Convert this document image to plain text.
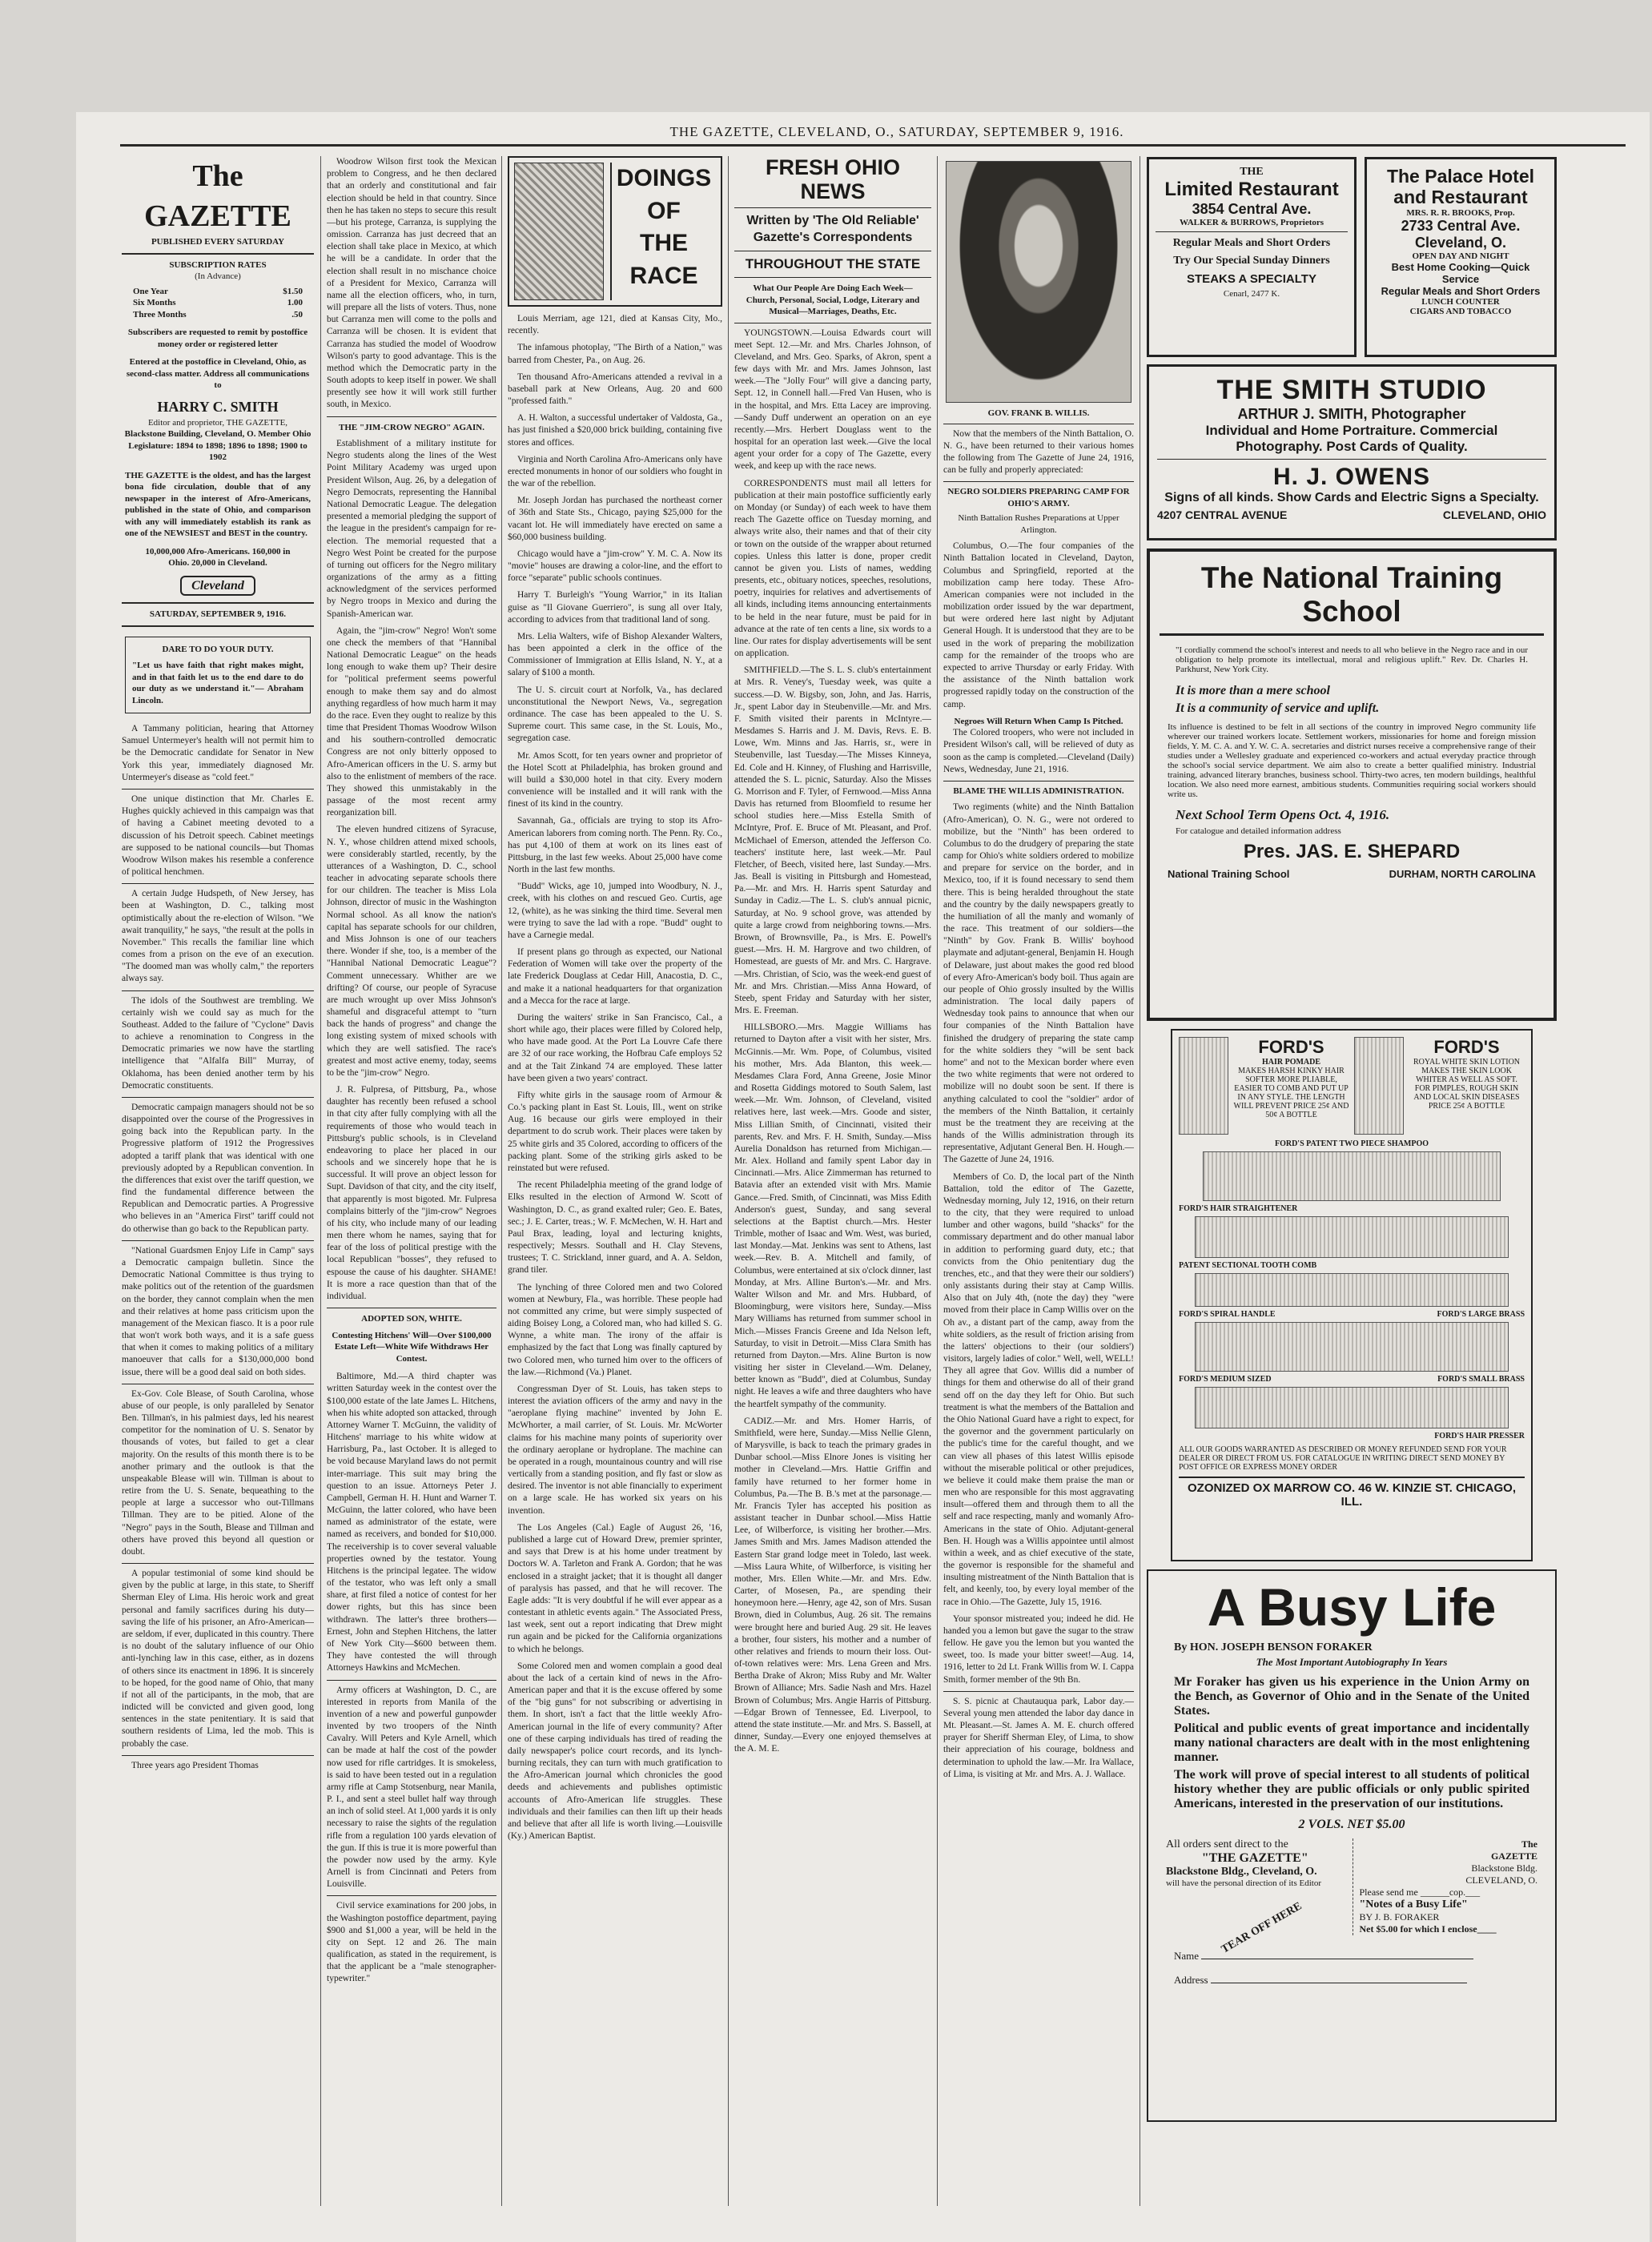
THE GAZETTE, CLEVELAND, O., SATURDAY, SEPTEMBER 9, 1916.
The GAZETTE
PUBLISHED EVERY SATURDAY
SUBSCRIPTION RATES
(In Advance)
One Year	$1.50
Six Months	1.00
Three Months	.50
Subscribers are requested to remit by postoffice money order or registered letter
Entered at the postoffice in Cleveland, Ohio, as second-class matter. Address all communications to
HARRY C. SMITH
Editor and proprietor, THE GAZETTE,
Blackstone Building, Cleveland, O. Member Ohio Legislature: 1894 to 1898; 1896 to 1898; 1900 to 1902
THE GAZETTE is the oldest, and has the largest bona fide circulation, double that of any newspaper in the interest of Afro-Americans, published in the state of Ohio, and comparison with any will immediately establish its rank as one of the NEWSIEST and BEST in the country.
10,000,000 Afro-Americans. 160,000 in Ohio. 20,000 in Cleveland.
Cleveland
SATURDAY, SEPTEMBER 9, 1916.
DARE TO DO YOUR DUTY.
"Let us have faith that right makes might, and in that faith let us to the end dare to do our duty as we understand it."— Abraham Lincoln.

A Tammany politician, hearing that Attorney Samuel Untermeyer's health will not permit him to be the Democratic candidate for Senator in New York this year, immediately diagnosed Mr. Untermeyer's disease as "cold feet."

One unique distinction that Mr. Charles E. Hughes quickly achieved in this campaign was that of having a Cabinet meeting devoted to a discussion of his Detroit speech. Cabinet meetings are supposed to be national councils—but Thomas Woodrow Wilson makes his resemble a conference of political henchmen.

A certain Judge Hudspeth, of New Jersey, has been at Washington, D. C., talking most optimistically about the re-election of Wilson. "We await tranquility," he says, "the result at the polls in November." This recalls the familiar line which comes from a prison on the eve of an execution. "The doomed man was wholly calm," the reporters always say.

The idols of the Southwest are trembling. We certainly wish we could say as much for the Southeast. Added to the failure of "Cyclone" Davis to achieve a renomination to Congress in the Democratic primaries we now have the startling intelligence that "Alfalfa Bill" Murray, of Oklahoma, has been denied another term by his Democratic constituents.

Democratic campaign managers should not be so disappointed over the course of the Progressives in going back into the Republican party. In the Progressive platform of 1912 the Progressives adopted a tariff plank that was identical with one previously adopted by a Republican convention. In the differences that exist over the tariff question, we find the fundamental difference between the Republican and Democratic parties. A Progressive who believes in an "America First" tariff could not do otherwise than go back to the Republican party.

"National Guardsmen Enjoy Life in Camp" says a Democratic campaign bulletin. Since the Democratic National Committee is thus trying to make politics out of the retention of the guardsmen on the border, they cannot complain when the men and their relatives at home pass criticism upon the management of the Mexican fiasco. It is a poor rule that won't work both ways, and it is a safe guess that when it comes to making politics of a military manoeuver that calls for a $130,000,000 bond issue, there will be a good deal said on both sides.

Ex-Gov. Cole Blease, of South Carolina, whose abuse of our people, is only paralleled by Senator Ben. Tillman's, in his palmiest days, led his nearest competitor for the nomination of U. S. Senator by thousands of votes, but failed to get a clear majority. On the results of this month there is to be another primary and the outlook is that the unspeakable Blease will win. Tillman is about to retire from the U. S. Senate, bequeathing to the people at large a successor who out-Tillmans Tillman. They are to be pitied. Alone of the "Negro" pays in the South, Blease and Tillman and others have proved this beyond all question or doubt.

A popular testimonial of some kind should be given by the public at large, in this state, to Sheriff Sherman Eley of Lima. His heroic work and great personal and family sacrifices during his duty—saving the life of his prisoner, an Afro-American—are seldom, if ever, duplicated in this country. There is no doubt of the salutary influence of our Ohio anti-lynching law in this case, either, as in dozens of others since its enactment in 1896. It is sincerely to be hoped, for the good name of Ohio, that many if not all of the participants, in the mob, that are indicted will be convicted and given good, long sentences in the state penitentiary. It is said that southern residents of Lima, led the mob. This is probably the case.

Three years ago President Thomas

Woodrow Wilson first took the Mexican problem to Congress, and he then declared that an orderly and constitutional and fair election should be held in that country. Since then he has taken no steps to secure this result—but his protege, Carranza, is supplying the omission. Carranza has just decreed that an election shall take place in Mexico, at which he will be a candidate. In order that the election shall result in no mischance choice of a President for Mexico, Carranza will name all the election officers, who, in turn, will prepare all the lists of voters. Thus, none but Carranza men will come to the polls and Carranza will be chosen. It is evident that Carranza has studied the model of Woodrow Wilson's party to good advantage. This is the method which the Democratic party in the South adopts to keep itself in power. We shall presently see how it will work still further south, in Mexico.

THE "JIM-CROW NEGRO" AGAIN.

Establishment of a military institute for Negro students along the lines of the West Point Military Academy was urged upon President Wilson, Aug. 26, by a delegation of Negro Democrats, representing the Hannibal National Democratic League. The delegation presented a memorial pledging the support of the league in the president's campaign for re-election. The memorial requested that a Negro West Point be created for the purpose of turning out officers for the Negro military organizations of the army as a fitting acknowledgment of the services performed by Negro troops in Mexico and during the Spanish-American war.

Again, the "jim-crow" Negro! Won't some one check the members of that "Hannibal National Democratic League" on the heads long enough to wake them up? Their desire for "political preferment seems powerful enough to make them say and do almost anything regardless of how much harm it may do the race. Even they ought to realize by this time that President Thomas Woodrow Wilson and his southern-controlled democratic Congress are not only bitterly opposed to Afro-American officers in the U. S. army but also to the enlistment of members of the race. They showed this unmistakably in the passage of the most recent army reorganization bill.

The eleven hundred citizens of Syracuse, N. Y., whose children attend mixed schools, were considerably startled, recently, by the utterances of a Washington, D. C., school teacher in advocating separate schools there for our children. The teacher is Miss Lola Johnson, director of music in the Washington Normal school. As all know the nation's capital has separate schools for our children, and Miss Johnson is one of our teachers there. Wonder if she, too, is a member of the "Hannibal National Democratic League"? Comment unnecessary. Whither are we drifting? Of course, our people of Syracuse are much wrought up over Miss Johnson's shameful and disgraceful attempt to "turn back the hands of progress" and change the long existing system of mixed schools with which they are well satisfied. The race's greatest and most active enemy, today, seems to be the "jim-crow" Negro.

J. R. Fulpresa, of Pittsburg, Pa., whose daughter has recently been refused a school in that city after fully complying with all the requirements of those who would teach in Pittsburg's public schools, is in Cleveland endeavoring to place her placed in our schools and we sincerely hope that he is successful. It will prove an object lesson for Supt. Davidson of that city, and the city itself, that apparently is most bigoted. Mr. Fulpresa complains bitterly of the "jim-crow" Negroes of his city, who include many of our leading men there whom he names, saying that for fear of the loss of political prestige with the local Republican "bosses", they refused to espouse the cause of his daughter. SHAME! It is more a race question than that of the individual.

ADOPTED SON, WHITE.
Contesting Hitchens' Will—Over $100,000 Estate Left—White Wife Withdraws Her Contest.

Baltimore, Md.—A third chapter was written Saturday week in the contest over the $100,000 estate of the late James L. Hitchens, when his white adopted son attacked, through Attorney Warner T. McGuinn, the validity of Hitchens' marriage to his white widow at Harrisburg, Pa., last October. It is alleged to be void because Maryland laws do not permit inter-marriage. This suit may bring the question to an issue. Attorneys Peter J. Campbell, German H. H. Hunt and Warner T. McGuinn, the latter colored, who have been named as administrator of the estate, were named as receivers, and bonded for $10,000. The receivership is to cover several valuable properties owned by the testator. Young Hitchens is the principal legatee. The widow of the testator, who was left only a small share, at first filed a notice of contest for her dower rights, but this has since been withdrawn. The latter's three brothers—Ernest, John and Stephen Hitchens, the latter of New York City—$600 between them. They have contested the will through Attorneys Hawkins and McMechen.

Army officers at Washington, D. C., are interested in reports from Manila of the invention of a new and powerful gunpowder invented by two troopers of the Ninth Cavalry. Will Peters and Kyle Arnell, which can be made at half the cost of the powder now used for rifle cartridges. It is smokeless, is said to have been tested out in a regulation army rifle at Camp Stotsenburg, near Manila, P. I., and sent a steel bullet half way through an inch of solid steel. At 1,000 yards it is only necessary to raise the sights of the regulation rifle from a regulation 100 yards elevation of the gun. If this is true it is more powerful than the powder now used by the army. Kyle Arnell is from Cincinnati and Peters from Louisville.

Civil service examinations for 200 jobs, in the Washington postoffice department, paying $900 and $1,000 a year, will be held in the city on Sept. 12 and 26. The main qualification, as stated in the requirement, is that the applicant be a "male stenographer-typewriter."

DOINGS
OF
THE
RACE

Louis Merriam, age 121, died at Kansas City, Mo., recently.

The infamous photoplay, "The Birth of a Nation," was barred from Chester, Pa., on Aug. 26.

Ten thousand Afro-Americans attended a revival in a baseball park at New Orleans, Aug. 20 and 600 "professed faith."

A. H. Walton, a successful undertaker of Valdosta, Ga., has just finished a $20,000 brick building, containing five stores and offices.

Virginia and North Carolina Afro-Americans only have erected monuments in honor of our soldiers who fought in the war of the rebellion.

Mr. Joseph Jordan has purchased the northeast corner of 36th and State Sts., Chicago, paying $25,000 for the vacant lot. He will immediately have erected on same a $60,000 business building.

Chicago would have a "jim-crow" Y. M. C. A. Now its "movie" houses are drawing a color-line, and the effort to force "separate" public schools continues.

Harry T. Burleigh's "Young Warrior," in its Italian guise as "Il Giovane Guerriero", is sung all over Italy, according to advices from that traditional land of song.

Mrs. Lelia Walters, wife of Bishop Alexander Walters, has been appointed a clerk in the office of the Commissioner of Immigration at Ellis Island, N. Y., at a salary of $100 a month.

The U. S. circuit court at Norfolk, Va., has declared unconstitutional the Newport News, Va., segregation ordinance. The case has been appealed to the U. S. Supreme court. This same case, in the St. Louis, Mo., segregation case.

Mr. Amos Scott, for ten years owner and proprietor of the Hotel Scott at Philadelphia, has broken ground and will build a $30,000 hotel in that city. Every modern convenience will be installed and it will rank with the finest of its kind in the country.

Savannah, Ga., officials are trying to stop its Afro-American laborers from coming north. The Penn. Ry. Co., has put 4,100 of them at work on its lines east of Pittsburg, in the last few weeks. About 25,000 have come North in the last few months.

"Budd" Wicks, age 10, jumped into Woodbury, N. J., creek, with his clothes on and rescued Geo. Curtis, age 12, (white), as he was sinking the third time. Several men were trying to save the lad with a rope. "Budd" ought to have a Carnegie medal.

If present plans go through as expected, our National Federation of Women will take over the property of the late Frederick Douglass at Cedar Hill, Anacostia, D. C., and make it a national headquarters for that organization and a Mecca for the race at large.

During the waiters' strike in San Francisco, Cal., a short while ago, their places were filled by Colored help, who have made good. At the Port La Louvre Cafe there are 32 of our race working, the Hofbrau Cafe employs 52 and at the Tait Zinkand 74 are employed. These latter have been given a two years' contract.

Fifty white girls in the sausage room of Armour & Co.'s packing plant in East St. Louis, Ill., went on strike Aug. 16 because our girls were employed in their department to do scrub work. Their places were taken by 25 white girls and 35 Colored, according to officers of the packing plant. Some of the striking girls asked to be reinstated but were refused.

The recent Philadelphia meeting of the grand lodge of Elks resulted in the election of Armond W. Scott of Washington, D. C., as grand exalted ruler; Geo. E. Bates, sec.; J. E. Carter, treas.; W. F. McMechen, W. H. Hart and Paul Brax, leading, loyal and lecturing knights, respectively; Messrs. Southall and H. Clay Stevens, trustees; T. C. Strickland, inner guard, and A. A. Seldon, grand tiler.

The lynching of three Colored men and two Colored women at Newbury, Fla., was horrible. These people had not committed any crime, but were simply suspected of aiding Boisey Long, a Colored man, who had killed S. G. Wynne, a white man. The irony of the affair is emphasized by the fact that Long was finally captured by two Colored men, who turned him over to the officers of the law.—Richmond (Va.) Planet.

Congressman Dyer of St. Louis, has taken steps to interest the aviation officers of the army and navy in the "aeroplane flying machine" invented by John E. McWhorter, a mail carrier, of St. Louis. Mr. McWorter claims for his machine many points of superiority over the ordinary aeroplane or hydroplane. The machine can be operated in a rough, mountainous country and will rise vertically from a standing position, and fly fast or slow as desired. The inventor is not able financially to experiment on a large scale. He has worked six years on his invention.

The Los Angeles (Cal.) Eagle of August 26, '16, published a large cut of Howard Drew, premier sprinter, and says that Drew is at his home under treatment by Doctors W. A. Tarleton and Frank A. Gordon; that he was enclosed in a straight jacket; that it is thought all danger of paralysis has passed, and that he will recover. The Eagle adds: "It is very doubtful if he will ever appear as a contestant in athletic events again." The Associated Press, last week, sent out a report indicating that Drew might run again and be picked for the California organizations to which he belongs.

Some Colored men and women complain a good deal about the lack of a certain kind of news in the Afro-American paper and that it is the excuse offered by some of the "big guns" for not subscribing or advertising in them. In short, isn't a fact that the little weekly Afro-American journal in the life of every community? After one of these carping individuals has tired of reading the daily newspaper's police court records, and its lynch-burning recitals, they can turn with much gratification to the Afro-American journal which chronicles the good deeds and achievements and publishes optimistic accounts of Afro-American life struggles. These individuals and their families can then lift up their heads and believe that after all life is worth living.—Louisville (Ky.) American Baptist.

FRESH OHIO NEWS
Written by 'The Old Reliable' Gazette's Correspondents
THROUGHOUT THE STATE
What Our People Are Doing Each Week—Church, Personal, Social, Lodge, Literary and Musical—Marriages, Deaths, Etc.

YOUNGSTOWN.—Louisa Edwards court will meet Sept. 12.—Mr. and Mrs. Charles Johnson, of Cleveland, and Mrs. Geo. Sparks, of Akron, spent a few days with Mr. and Mrs. James Johnson, last week.—The "Jolly Four" will give a dancing party, Sept. 12, in Connell hall.—Fred Van Husen, who is in the hospital, and Mrs. Etta Lacey are improving.—Sandy Duff underwent an operation on an eye recently.—Mrs. Herbert Douglass went to the hospital for an operation last week.—Give the local agent your order for a copy of The Gazette, every week, and keep up with the race news.

CORRESPONDENTS must mail all letters for publication at their main postoffice sufficiently early on Monday (or Sunday) of each week to have them reach The Gazette office on Tuesday morning, and always write also, their names and that of their city or town on the outside of the wrapper about returned copies. Unless this latter is done, proper credit cannot be given you. Lists of names, wedding presents, etc., obituary notices, speeches, resolutions, poetry, inquiries for relatives and advertisements of all kinds, including items announcing entertainments to be held in the near future, must be paid for in advance at the rate of ten cents a line, six words to a line. Our rates for display advertisements will be sent on application.

SMITHFIELD.—The S. L. S. club's entertainment at Mrs. R. Veney's, Tuesday week, was quite a success.—D. W. Bigsby, son, John, and Jas. Harris, Jr., spent Labor day in Steubenville.—Mr. and Mrs. F. Smith visited their parents in McIntyre.—Mesdames S. Harris and J. M. Davis, Revs. E. B. Lowe, Wm. Minns and Jas. Harris, sr., were in Steubenville, last Tuesday.—The Misses Kinneya, Ed. Cole and H. Kinney, of Flushing and Harrisville, attended the S. L. picnic, Saturday. Also the Misses G. Morrison and F. Tyler, of Fernwood.—Miss Anna Davis has returned from Bloomfield to resume her school studies here.—Miss Estella Smith of McIntyre, Prof. E. Bruce of Mt. Pleasant, and Prof. McMichael of Emerson, attended the Jefferson Co. teachers' institute here, last week.—Mr. Paul Fletcher, of Beech, visited here, last Sunday.—Mrs. Jas. Beall is visiting in Pittsburgh and Homestead, Pa.—Mr. and Mrs. H. Harris spent Saturday and Sunday in Cadiz.—The L. S. club's annual picnic, Saturday, at No. 9 school grove, was attended by quite a large crowd from neighboring towns.—Mrs. Brown, of Brownsville, Pa., is Mrs. E. Powell's guest.—Mrs. H. M. Hargrove and two children, of Homestead, are guests of Mr. and Mrs. C. Hargrave.—Mrs. Christian, of Scio, was the week-end guest of Mr. and Mrs. Christian.—Miss Anna Howard, of Steeb, spent Friday and Saturday with her sister, Mrs. E. Freeman.

HILLSBORO.—Mrs. Maggie Williams has returned to Dayton after a visit with her sister, Mrs. McGinnis.—Mr. Wm. Pope, of Columbus, visited his mother, Mrs. Ada Blanton, this week.—Mesdames Clara Ford, Anna Greene, Josie Minor and Rosetta Giddings motored to South Salem, last week.—Mr. Wm. Johnson, of Cleveland, visited relatives here, last week.—Mrs. Goode and sister, Miss Lillian Smith, of Cincinnati, visited their parents, Rev. and Mrs. F. H. Smith, Sunday.—Miss Aurelia Donaldson has returned from Michigan.—Mr. Alex. Holland and family spent Labor day in Cincinnati.—Mrs. Alice Zimmerman has returned to Batavia after an extended visit with Mrs. Mamie Gance.—Fred. Smith, of Cincinnati, was Miss Edith Anderson's guest, Sunday, and sang several selections at the Baptist church.—Mrs. Hester Trimble, mother of Isaac and Wm. West, was buried, last Monday.—Mat. Jenkins was sent to Athens, last week.—Rev. B. A. Mitchell and family, of Columbus, were entertained at six o'clock dinner, last Monday, at Mrs. Alline Burton's.—Mr. and Mrs. Walter Wilson and Mr. and Mrs. Hubbard, of Bloomingburg, were visitors here, Sunday.—Miss Mary Williams has returned from summer school in Mich.—Misses Francis Greene and Ida Nelson left, Saturday, to visit in Detroit.—Miss Clara Smith has returned from Dayton.—Mrs. Aline Burton is now visiting her sister in Cleveland.—Wm. Delaney, better known as "Budd", died at Columbus, Sunday night. He leaves a wife and three daughters who have the heartfelt sympathy of the community.

CADIZ.—Mr. and Mrs. Homer Harris, of Smithfield, were here, Sunday.—Miss Nellie Glenn, of Marysville, is back to teach the primary grades in Dunbar school.—Miss Elnore Jones is visiting her mother in Cleveland.—Mrs. Hattie Griffin and family have returned to her former home in Columbus, Pa.—The B. B.'s met at the parsonage.—Mr. Francis Tyler has accepted his position as assistant teacher in Dunbar school.—Miss Hattie Lee, of Wilberforce, is visiting her brother.—Mrs. James Smith and Mrs. James Madison attended the Eastern Star grand lodge meet in Toledo, last week.—Miss Laura White, of Wilberforce, is visiting her mother, Mrs. Ellen White.—Mr. and Mrs. Edw. Carter, of Mosesen, Pa., are spending their honeymoon here.—Henry, age 42, son of Mrs. Susan Brown, died in Columbus, Aug. 26 sit. The remains were brought here and buried Aug. 29 sit. He leaves a brother, four sisters, his mother and a number of other relatives and friends to mourn their loss. Out-of-town relatives were: Mrs. Lena Green and Mrs. Bertha Drake of Akron; Miss Ruby and Mr. Walter Brown of Alliance; Mrs. Sadie Nash and Mrs. Hazel Brown of Columbus; Mrs. Angie Harris of Pittsburg.—Edgar Brown of Tennessee, Ed. Liverpool, to attend the state institute.—Mr. and Mrs. S. Bassell, at dinner, Sunday.—Every one enjoyed themselves at the A. M. E.

GOV. FRANK B. WILLIS.

Now that the members of the Ninth Battalion, O. N. G., have been returned to their various homes the following from The Gazette of June 24, 1916, can be fully and properly appreciated:

NEGRO SOLDIERS PREPARING CAMP FOR OHIO'S ARMY.
Ninth Battalion Rushes Preparations at Upper Arlington.

Columbus, O.—The four companies of the Ninth Battalion located in Cleveland, Dayton, Columbus and Springfield, reported at the mobilization camp here today. These Afro-American companies were not included in the mobilization order issued by the war department, but were ordered here last night by Adjutant General Hough. It is understood that they are to be used in the work of preparing the mobilization camp for the remainder of the troops who are expected to arrive Thursday or early Friday. With the assistance of the Ninth battalion work progressed rapidly today on the construction of the camp.

Negroes Will Return When Camp Is Pitched.

The Colored troopers, who were not included in President Wilson's call, will be relieved of duty as soon as the camp is completed.—Cleveland (Daily) News, Wednesday, June 21, 1916.

BLAME THE WILLIS ADMINISTRATION.

Two regiments (white) and the Ninth Battalion (Afro-American), O. N. G., were not ordered to mobilize, but the "Ninth" has been ordered to Columbus to do the drudgery of preparing the state camp for Ohio's white soldiers ordered to mobilize and prepare for service on the border, and in Mexico, too, if it is found necessary to send them there. This is being heralded throughout the state and the country by the daily newspapers greatly to the humiliation of all the manly and womanly of the race. This treatment of our soldiers—the "Ninth" by Gov. Frank B. Willis' boyhood playmate and adjutant-general, Benjamin H. Hough of Delaware, just about makes the good red blood of every Afro-American's body boil. Thus again are our people of Ohio grossly insulted by the Willis administration. The local daily papers of Wednesday took pains to announce that when our four companies of the Ninth Battalion have finished the drudgery of preparing the state camp for the white soldiers they "will be sent back home" and not to the Mexican border where even the two white regiments that were not ordered to mobilize will no doubt soon be sent. If there is anything calculated to cool the "soldier" ardor of the members of the Ninth Battalion, it certainly must be the treatment they are receiving at the hands of the Willis administration through its representative, Adjutant General Ben. H. Hough.—The Gazette of June 24, 1916.

Members of Co. D, the local part of the Ninth Battalion, told the editor of The Gazette, Wednesday morning, July 12, 1916, on their return to the city, that they were required to unload lumber and other wagons, build "shacks" for the commissary department and do other manual labor in addition to performing guard duty, etc.; that convicts from the Ohio penitentiary dug the trenches, etc., and that they were their our soldiers') only assistants during their stay at Camp Willis. Also that on July 4th, (note the day) they "were moved from their place in Camp Willis over on the Oh av., a distant part of the camp, away from the white soldiers, as the result of friction arising from the latters' objections to their (our soldiers') visitors, largely ladies of color." Well, well, WELL! They all agree that Gov. Willis did a number of things for them and otherwise do all of their grand send off on the day they left for Ohio. But such treatment is what the members of the Battalion and the Ohio National Guard have a right to expect, for the governor and the government particularly on the public's time for the careful thought, and we can view all phases of this latest Willis episode without the miserable political or other prejudices, we believe it could make them praise the man or men who are responsible for this most aggravating insult—offered them and through them to all the self and race respecting, manly and womanly Afro-Americans in the state of Ohio. Adjutant-general Ben. H. Hough was a Willis appointee until almost within a week, and as chief executive of the state, the governor is responsible for the shameful and insulting mistreatment of the Ninth Battalion that is felt, and keenly, too, by every loyal member of the race in Ohio.—The Gazette, July 15, 1916.

Your sponsor mistreated you; indeed he did. He handed you a lemon but gave the sugar to the straw fellow. He gave you the lemon but you wanted the sweet, too. Is made your bitter sweet!—Aug. 14, 1916, letter to 2d Lt. Frank Willis from W. I. Cappa Smith, former member of the 9th Bn.

S. S. picnic at Chautauqua park, Labor day.—Several young men attended the labor day dance in Mt. Pleasant.—St. James A. M. E. church offered prayer for Sheriff Sherman Eley, of Lima, to show their appreciation of his courage, boldness and determination to uphold the law.—Mr. Ira Wallace, of Lima, is visiting at Mr. and Mrs. A. J. Wallace.

THE
Limited Restaurant
3854 Central Ave.
WALKER & BURROWS, Proprietors
Regular Meals and Short Orders
Try Our Special Sunday Dinners
STEAKS A SPECIALTY
Cenarl, 2477 K.
The Palace Hotel and Restaurant
MRS. R. R. BROOKS, Prop.
2733 Central Ave.
Cleveland, O.
OPEN DAY AND NIGHT
Best Home Cooking—Quick Service
Regular Meals and Short Orders
LUNCH COUNTER
CIGARS AND TOBACCO
THE SMITH STUDIO
ARTHUR J. SMITH, Photographer
Individual and Home Portraiture. Commercial
Photography. Post Cards of Quality.
H. J. OWENS
Signs of all kinds. Show Cards and Electric Signs a Specialty.
4207 CENTRAL AVENUE	CLEVELAND, OHIO
The National Training School
"I cordially commend the school's interest and needs to all who believe in the Negro race and in our obligation to help promote its intellectual, moral and religious uplift." Rev. Dr. Charles H. Parkhurst, New York City.
It is more than a mere school
It is a community of service and uplift.
Its influence is destined to be felt in all sections of the country in improved Negro community life wherever our trained workers locate. Settlement workers, missionaries for home and foreign mission fields, Y. M. C. A. and Y. W. C. A. secretaries and district nurses receive a comprehensive range of their studies under a Wellesley graduate and experienced co-workers and actual everyday practice through the school's social service department. We aim also to create a better qualified ministry. Industrial training, advanced literary branches, business school. Thirty-two acres, ten modern buildings, healthful location. We also need more earnest, ambitious students. Communities requiring social workers should write us.
Next School Term Opens Oct. 4, 1916.
For catalogue and detailed information address
Pres. JAS. E. SHEPARD
National Training School	DURHAM, NORTH CAROLINA
FORD'S
HAIR POMADE
MAKES HARSH KINKY HAIR SOFTER MORE PLIABLE, EASIER TO COMB AND PUT UP IN ANY STYLE. THE LENGTH WILL PREVENT PRICE 25¢ AND 50¢ A BOTTLE
FORD'S
ROYAL WHITE SKIN LOTION MAKES THE SKIN LOOK WHITER AS WELL AS SOFT. FOR PIMPLES, ROUGH SKIN AND LOCAL SKIN DISEASES PRICE 25¢ A BOTTLE
FORD'S PATENT TWO PIECE SHAMPOO
FORD'S HAIR STRAIGHTENER
PATENT SECTIONAL TOOTH COMB
FORD'S SPIRAL HANDLE	FORD'S LARGE BRASS
FORD'S MEDIUM SIZED	FORD'S SMALL BRASS
FORD'S HAIR PRESSER
ALL OUR GOODS WARRANTED AS DESCRIBED OR MONEY REFUNDED SEND FOR YOUR DEALER OR DIRECT FROM US. FOR CATALOGUE IN WRITING DIRECT SEND MONEY BY POST OFFICE OR EXPRESS MONEY ORDER
OZONIZED OX MARROW CO. 46 W. KINZIE ST. CHICAGO, ILL.
A Busy Life
By HON. JOSEPH BENSON FORAKER
The Most Important Autobiography In Years
Mr Foraker has given us his experience in the Union Army on the Bench, as Governor of Ohio and in the Senate of the United States.
Political and public events of great importance and incidentally many national characters are dealt with in the most enlightening manner.
The work will prove of special interest to all students of political history whether they are public officials or only public spirited Americans, interested in the preservation of our institutions.
2 VOLS. NET $5.00
All orders sent direct to the
"THE GAZETTE"
Blackstone Bldg., Cleveland, O.
will have the personal direction of its Editor
TEAR OFF HERE
The
GAZETTE
Blackstone Bldg.
CLEVELAND, O.
Please send me ______cop.___
"Notes of a Busy Life"
BY J. B. FORAKER
Net $5.00 for which I enclose____
Name
Address
